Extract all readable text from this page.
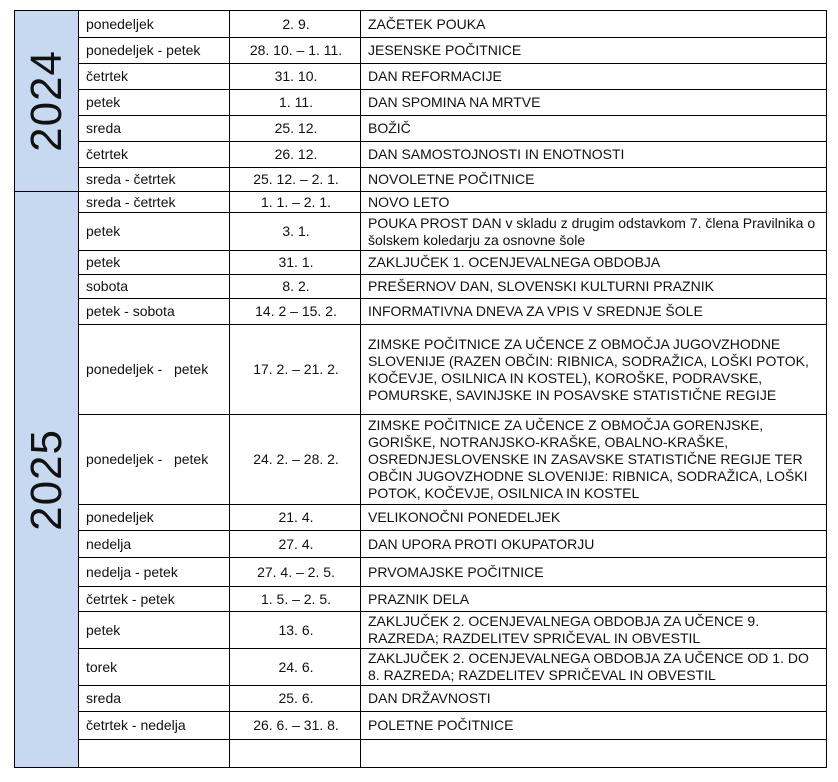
2024	ponedeljek	2. 9.	ZAČETEK POUKA
	ponedeljek - petek	28. 10. – 1. 11.	JESENSKE POČITNICE
	četrtek	31. 10.	DAN REFORMACIJE
	petek	1. 11.	DAN SPOMINA NA MRTVE
	sreda	25. 12.	BOŽIČ
	četrtek	26. 12.	DAN SAMOSTOJNOSTI IN ENOTNOSTI
	sreda - četrtek	25. 12. – 2. 1.	NOVOLETNE POČITNICE

2025	sreda - četrtek	1. 1. – 2. 1.	NOVO LETO
	petek	3. 1.	POUKA PROST DAN v skladu z drugim odstavkom 7. člena Pravilnika o šolskem koledarju za osnovne šole
	petek	31. 1.	ZAKLJUČEK 1. OCENJEVALNEGA OBDOBJA
	sobota	8. 2.	PREŠERNOV DAN, SLOVENSKI KULTURNI PRAZNIK
	petek - sobota	14. 2 – 15. 2.	INFORMATIVNA DNEVA ZA VPIS V SREDNJE ŠOLE
	ponedeljek -   petek	17. 2. – 21. 2.	ZIMSKE POČITNICE ZA UČENCE Z OBMOČJA JUGOVZHODNE SLOVENIJE (RAZEN OBČIN: RIBNICA, SODRAŽICA, LOŠKI POTOK, KOČEVJE, OSILNICA IN KOSTEL), KOROŠKE, PODRAVSKE, POMURSKE, SAVINJSKE IN POSAVSKE STATISTIČNE REGIJE
	ponedeljek -   petek	24. 2. – 28. 2.	ZIMSKE POČITNICE ZA UČENCE Z OBMOČJA GORENJSKE, GORIŠKE, NOTRANJSKO-KRAŠKE, OBALNO-KRAŠKE, OSREDNJESLOVENSKE IN ZASAVSKE STATISTIČNE REGIJE TER OBČIN JUGOVZHODNE SLOVENIJE: RIBNICA, SODRAŽICA, LOŠKI POTOK, KOČEVJE, OSILNICA IN KOSTEL
	ponedeljek	21. 4.	VELIKONOČNI PONEDELJEK
	nedelja	27. 4.	DAN UPORA PROTI OKUPATORJU
	nedelja - petek	27. 4. – 2. 5.	PRVOMAJSKE POČITNICE
	četrtek - petek	1. 5. – 2. 5.	PRAZNIK DELA
	petek	13. 6.	ZAKLJUČEK 2. OCENJEVALNEGA OBDOBJA ZA UČENCE 9. RAZREDA; RAZDELITEV SPRIČEVAL IN OBVESTIL
	torek	24. 6.	ZAKLJUČEK 2. OCENJEVALNEGA OBDOBJA ZA UČENCE OD 1. DO 8. RAZREDA; RAZDELITEV SPRIČEVAL IN OBVESTIL
	sreda	25. 6.	DAN DRŽAVNOSTI
	četrtek - nedelja	26. 6. – 31. 8.	POLETNE POČITNICE
